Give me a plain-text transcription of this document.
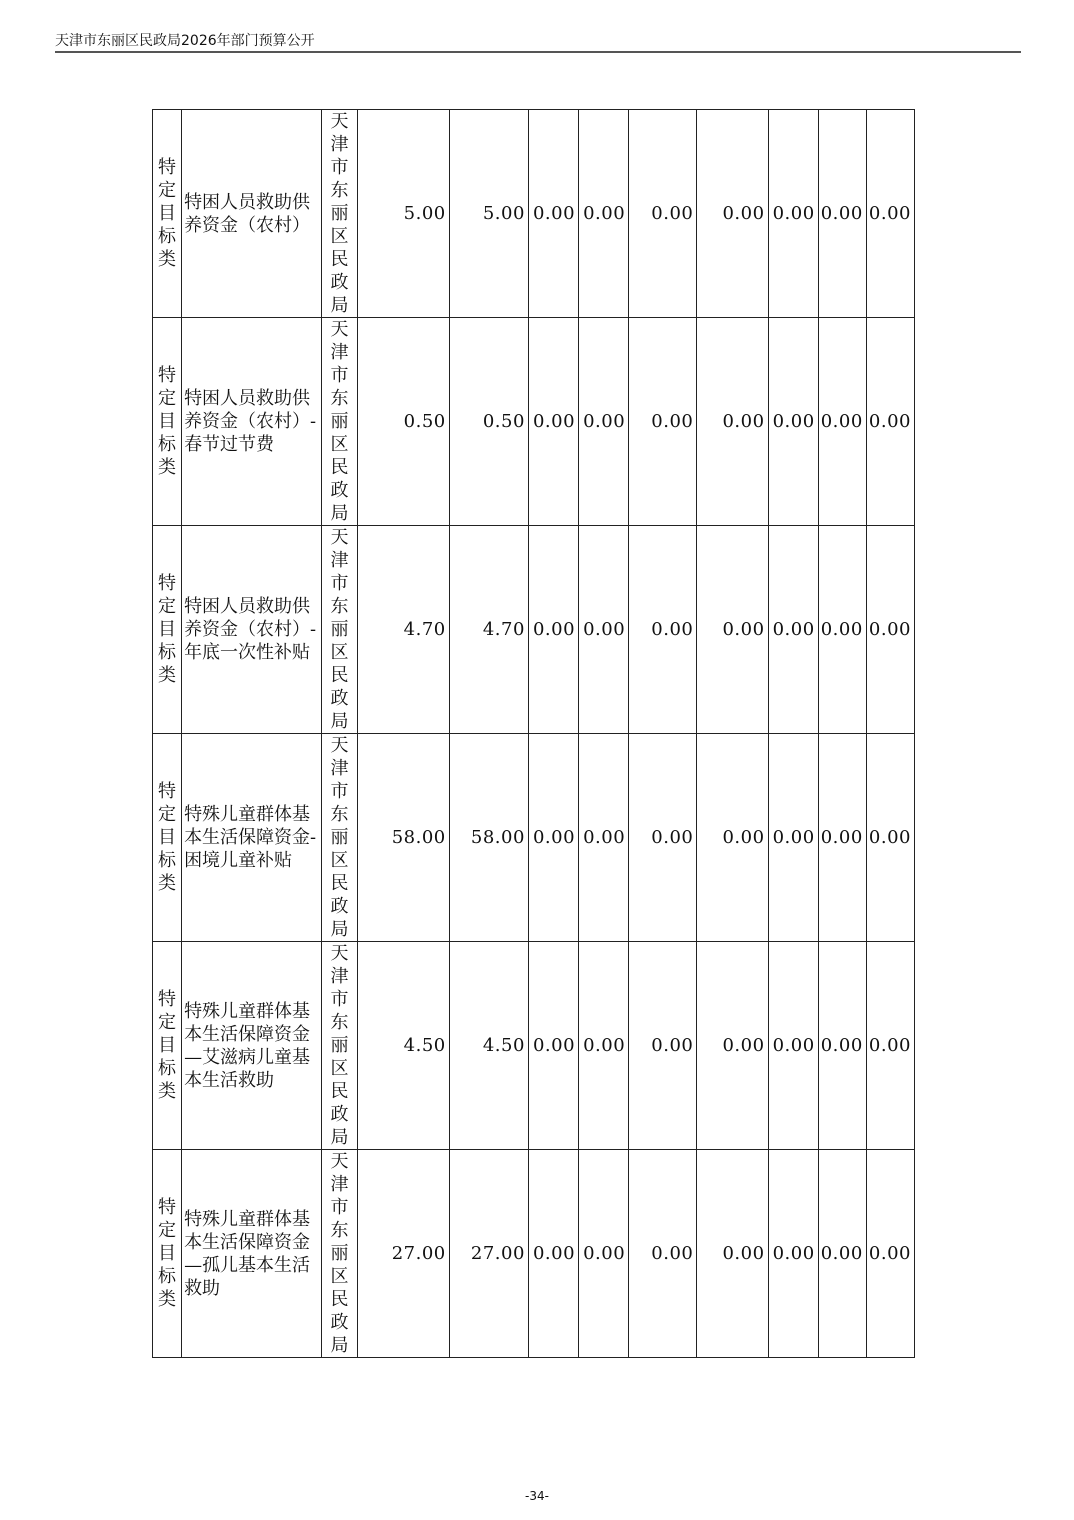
天津市东丽区民政局2026年部门预算公开
特定目标类	特困人员救助供养资金（农村）	天津市东丽区民政局	5.00	5.00	0.00	0.00	0.00	0.00	0.00	0.00	0.00

特定目标类	特困人员救助供养资金（农村）-春节过节费	天津市东丽区民政局	0.50	0.50	0.00	0.00	0.00	0.00	0.00	0.00	0.00

特定目标类	特困人员救助供养资金（农村）-年底一次性补贴	天津市东丽区民政局	4.70	4.70	0.00	0.00	0.00	0.00	0.00	0.00	0.00

特定目标类	特殊儿童群体基本生活保障资金-困境儿童补贴	天津市东丽区民政局	58.00	58.00	0.00	0.00	0.00	0.00	0.00	0.00	0.00

特定目标类	特殊儿童群体基本生活保障资金—艾滋病儿童基本生活救助	天津市东丽区民政局	4.50	4.50	0.00	0.00	0.00	0.00	0.00	0.00	0.00

特定目标类	特殊儿童群体基本生活保障资金—孤儿基本生活救助	天津市东丽区民政局	27.00	27.00	0.00	0.00	0.00	0.00	0.00	0.00	0.00
-34-
